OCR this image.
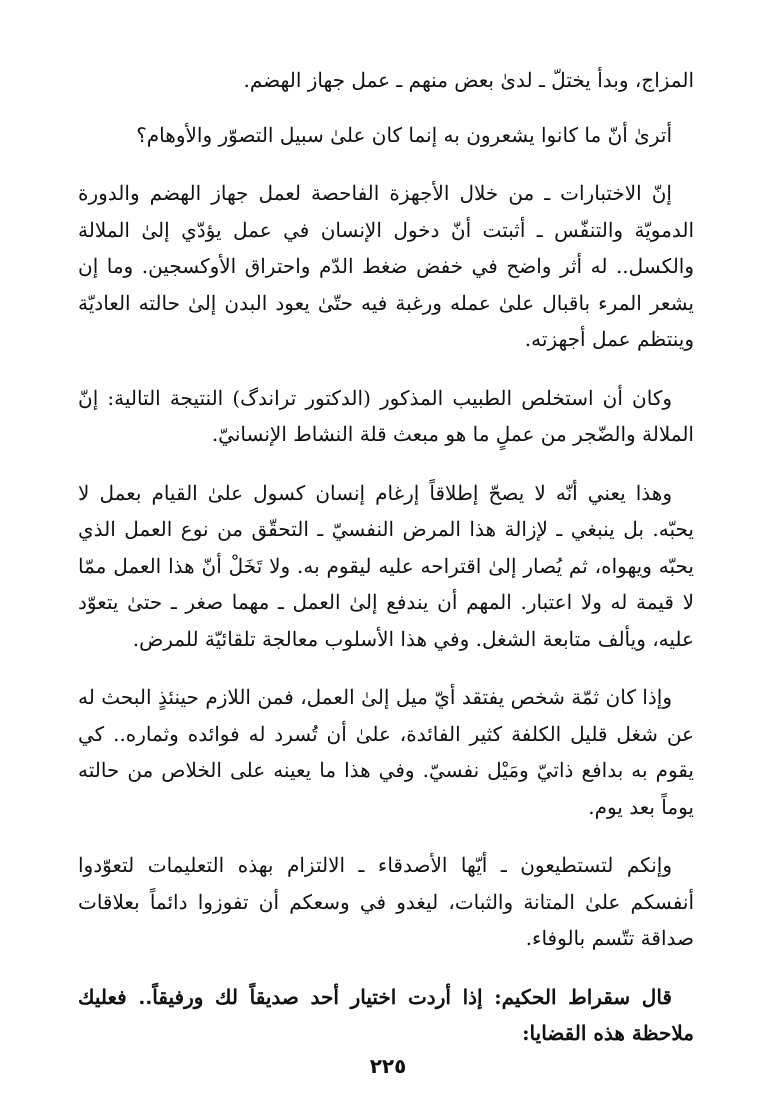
المزاج، وبدأ يختلّ ـ لدىٰ بعض منهم ـ عمل جهاز الهضم.

أترىٰ أنّ ما كانوا يشعرون به إنما كان علىٰ سبيل التصوّر والأوهام؟

إنّ الاختبارات ـ من خلال الأجهزة الفاحصة لعمل جهاز الهضم والدورة الدمويّة والتنفّس ـ أثبتت أنّ دخول الإنسان في عمل يؤدّي إلىٰ الملالة والكسل.. له أثر واضح في خفض ضغط الدّم واحتراق الأوكسجين. وما إن يشعر المرء باقبال علىٰ عمله ورغبة فيه حتّىٰ يعود البدن إلىٰ حالته العاديّة وينتظم عمل أجهزته.

وكان أن استخلص الطبيب المذكور (الدكتور تراندگ) النتيجة التالية: إنّ الملالة والضّجر من عملٍ ما هو مبعث قلة النشاط الإنسانيّ.

وهذا يعني أنّه لا يصحّ إطلاقاً إرغام إنسان كسول علىٰ القيام بعمل لا يحبّه. بل ينبغي ـ لإزالة هذا المرض النفسيّ ـ التحقّق من نوع العمل الذي يحبّه ويهواه، ثم يُصار إلىٰ اقتراحه عليه ليقوم به. ولا تَخَلْ أنّ هذا العمل ممّا لا قيمة له ولا اعتبار. المهم أن يندفع إلىٰ العمل ـ مهما صغر ـ حتىٰ يتعوّد عليه، ويألف متابعة الشغل. وفي هذا الأسلوب معالجة تلقائيّة للمرض.

وإذا كان ثمّة شخص يفتقد أيّ ميل إلىٰ العمل، فمن اللازم حينئذٍ البحث له عن شغل قليل الكلفة كثير الفائدة، علىٰ أن تُسرد له فوائده وثماره.. كي يقوم به بدافع ذاتيّ ومَيْل نفسيّ. وفي هذا ما يعينه على الخلاص من حالته يوماً بعد يوم.

وإنكم لتستطيعون ـ أيّها الأصدقاء ـ الالتزام بهذه التعليمات لتعوّدوا أنفسكم علىٰ المتانة والثبات، ليغدو في وسعكم أن تفوزوا دائماً بعلاقات صداقة تتّسم بالوفاء.

قال سقراط الحكيم: إذا أردت اختيار أحد صديقاً لك ورفيقاً.. فعليك ملاحظة هذه القضايا:

٢٢٥
